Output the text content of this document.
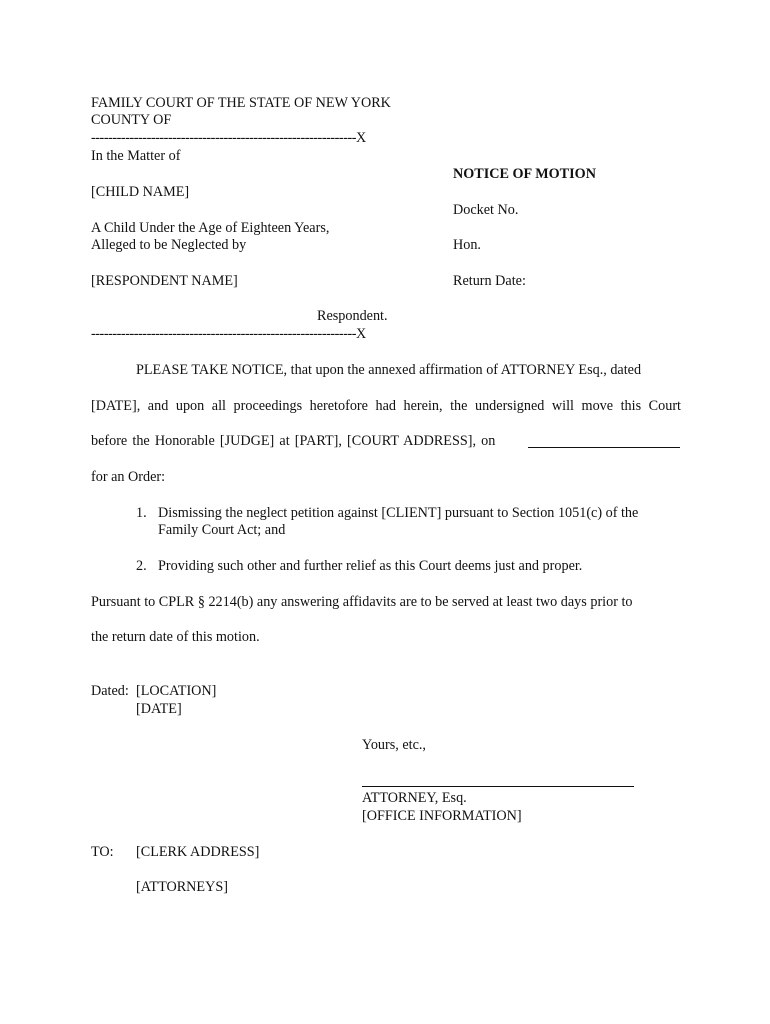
FAMILY COURT OF THE STATE OF NEW YORK
COUNTY OF
--------------------------------------------------------------X
In the Matter of
[CHILD NAME]
A Child Under the Age of Eighteen Years,
Alleged to be Neglected by
[RESPONDENT NAME]
Respondent.
--------------------------------------------------------------X
NOTICE OF MOTION
Docket No.
Hon.
Return Date:
PLEASE TAKE NOTICE, that upon the annexed affirmation of ATTORNEY Esq., dated
[DATE], and upon all proceedings heretofore had herein, the undersigned will move this Court
before the Honorable [JUDGE] at [PART], [COURT ADDRESS], on
for an Order:
1. Dismissing the neglect petition against [CLIENT] pursuant to Section 1051(c) of the
Family Court Act; and
2. Providing such other and further relief as this Court deems just and proper.
Pursuant to CPLR § 2214(b) any answering affidavits are to be served at least two days prior to
the return date of this motion.
Dated: [LOCATION]
[DATE]
Yours, etc.,
ATTORNEY, Esq.
[OFFICE INFORMATION]
TO: [CLERK ADDRESS]
[ATTORNEYS]
